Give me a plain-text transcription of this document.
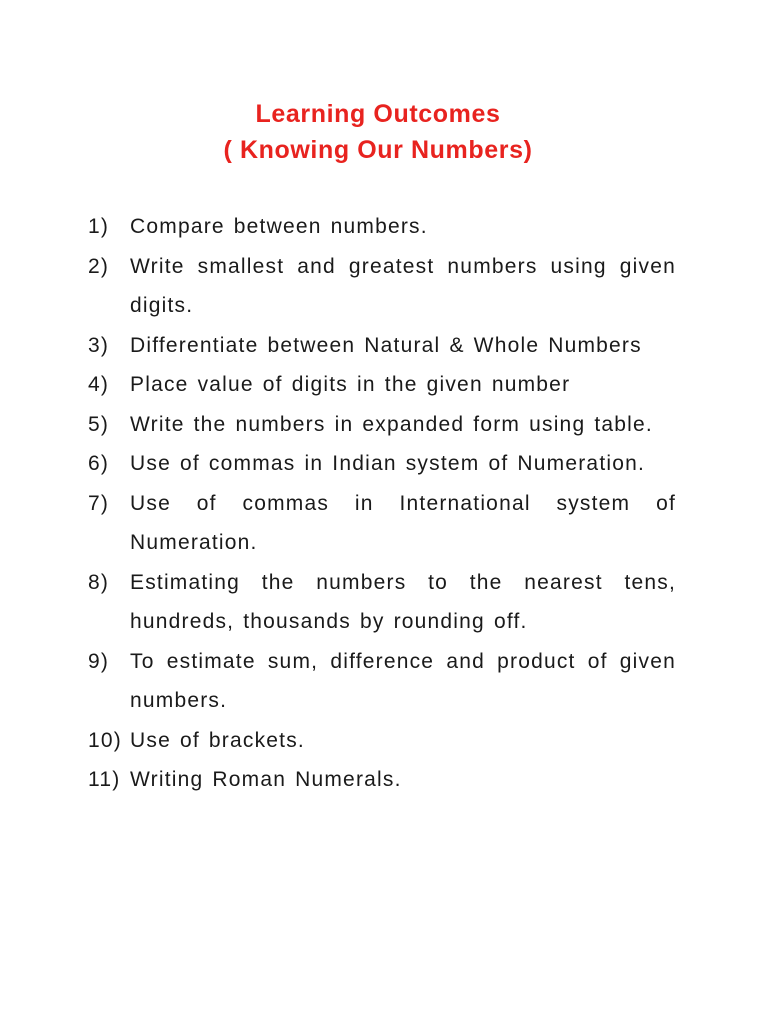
Learning Outcomes
( Knowing Our Numbers)
1) Compare between numbers.
2) Write smallest and greatest numbers using given digits.
3) Differentiate between Natural & Whole Numbers
4) Place value of digits in the given number
5) Write the numbers in expanded form using table.
6) Use of commas in Indian system of Numeration.
7) Use of commas in International system of Numeration.
8) Estimating the numbers to the nearest tens, hundreds, thousands by rounding off.
9) To estimate sum, difference and product of given numbers.
10) Use of brackets.
11) Writing Roman Numerals.
